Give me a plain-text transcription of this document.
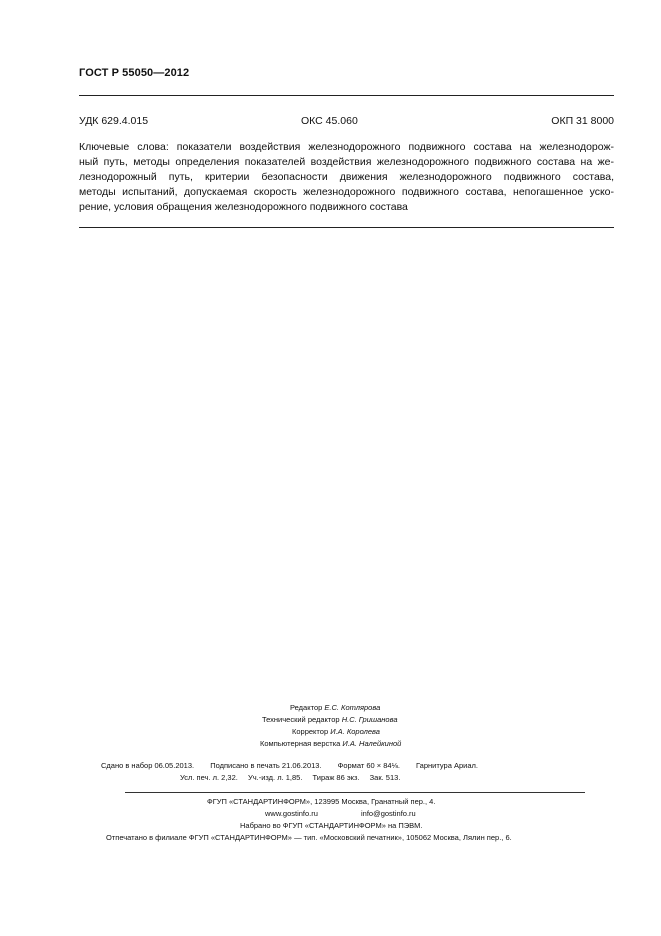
ГОСТ Р 55050—2012
УДК 629.4.015	ОКС 45.060	ОКП 31 8000
Ключевые слова: показатели воздействия железнодорожного подвижного состава на железнодорож-
ный путь, методы определения показателей воздействия железнодорожного подвижного состава на же-
лезнодорожный путь, критерии безопасности движения железнодорожного подвижного состава,
методы испытаний, допускаемая скорость железнодорожного подвижного состава, непогашенное ускo-
рение, условия обращения железнодорожного подвижного состава
Редактор Е.С. Котлярова
Технический редактор Н.С. Гришанова
Корректор И.А. Королева
Компьютерная верстка И.А. Налейкиной
Сдано в набор 06.05.2013. Подписано в печать 21.06.2013. Формат 60 × 84⅛. Гарнитура Ариал.
Усл. печ. л. 2,32. Уч.-изд. л. 1,85. Тираж 86 экз. Зак. 513.
ФГУП «СТАНДАРТИНФОРМ», 123995 Москва, Гранатный пер., 4.
www.gostinfo.ru	info@gostinfo.ru
Набрано во ФГУП «СТАНДАРТИНФОРМ» на ПЭВМ.
Отпечатано в филиале ФГУП «СТАНДАРТИНФОРМ» — тип. «Московский печатник», 105062 Москва, Лялин пер., 6.
